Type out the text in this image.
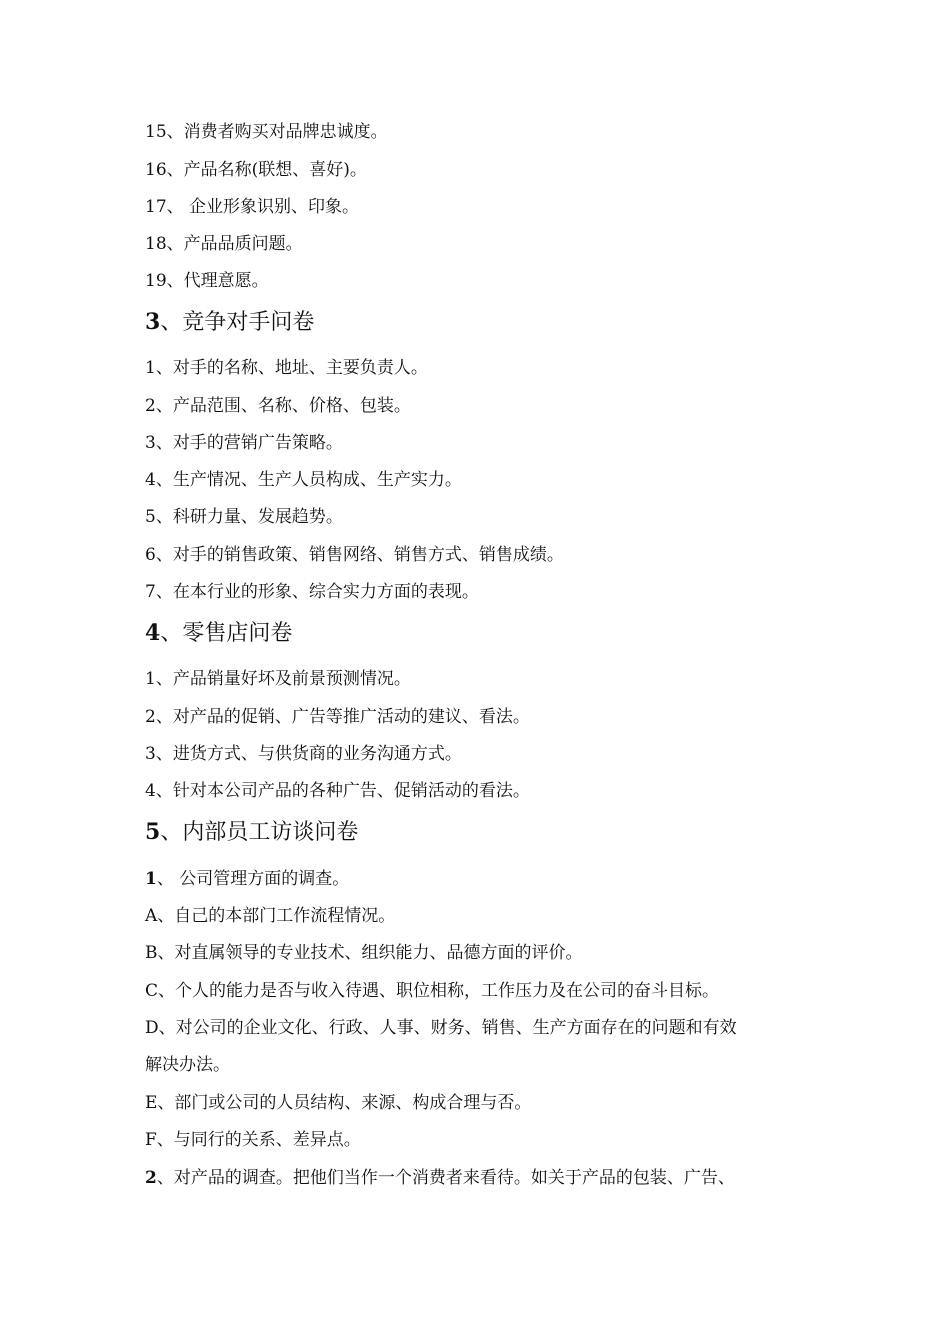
15、消费者购买对品牌忠诚度。
16、产品名称(联想、喜好)。
17、 企业形象识别、印象。
18、产品品质问题。
19、代理意愿。
3、竞争对手问卷
1、对手的名称、地址、主要负责人。
2、产品范围、名称、价格、包装。
3、对手的营销广告策略。
4、生产情况、生产人员构成、生产实力。
5、科研力量、发展趋势。
6、对手的销售政策、销售网络、销售方式、销售成绩。
7、在本行业的形象、综合实力方面的表现。
4、零售店问卷
1、产品销量好坏及前景预测情况。
2、对产品的促销、广告等推广活动的建议、看法。
3、进货方式、与供货商的业务沟通方式。
4、针对本公司产品的各种广告、促销活动的看法。
5、内部员工访谈问卷
1、 公司管理方面的调查。
A、自己的本部门工作流程情况。
B、对直属领导的专业技术、组织能力、品德方面的评价。
C、个人的能力是否与收入待遇、职位相称，工作压力及在公司的奋斗目标。
D、对公司的企业文化、行政、人事、财务、销售、生产方面存在的问题和有效
解决办法。
E、部门或公司的人员结构、来源、构成合理与否。
F、与同行的关系、差异点。
2、对产品的调查。把他们当作一个消费者来看待。如关于产品的包装、广告、
